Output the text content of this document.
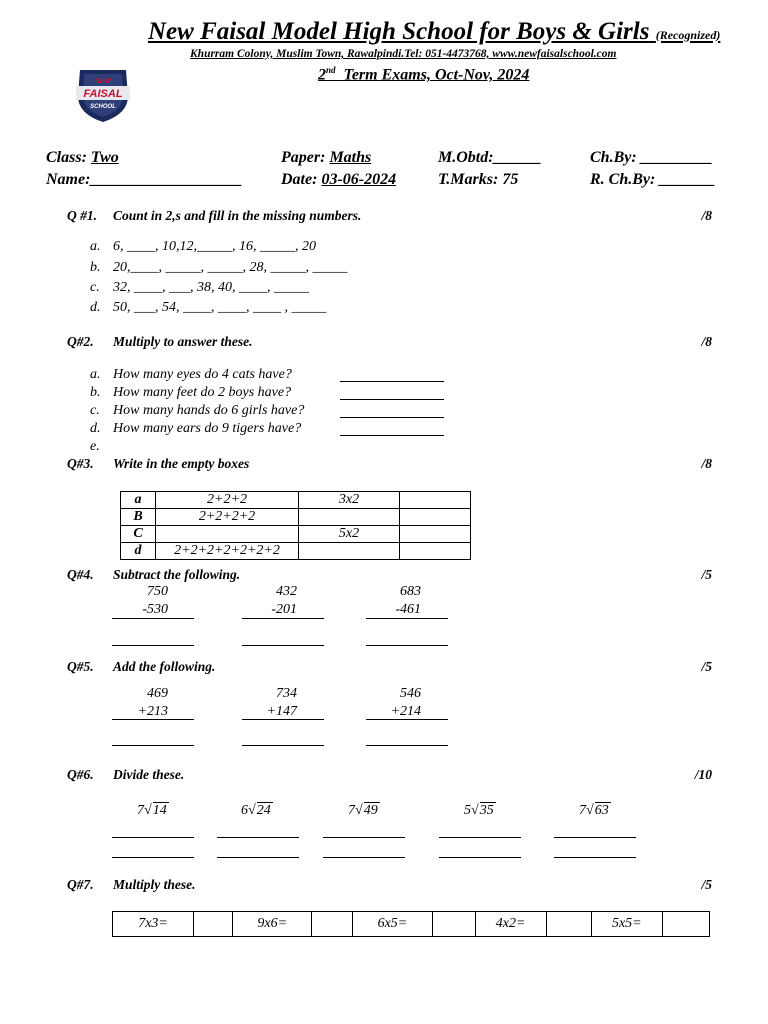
New Faisal Model High School for Boys & Girls (Recognized)
Khurram Colony, Muslim Town, Rawalpindi.Tel: 051-4473768, www.newfaisalschool.com
2nd Term Exams, Oct-Nov, 2024
NEW
FAISAL
SCHOOL
Class: Two
Name:___________________
Paper: Maths
Date: 03-06-2024
M.Obtd:______
T.Marks: 75
Ch.By: _________
R. Ch.By: _______
Q #1. Count in 2,s and fill in the missing numbers.	/8
a. 6, ____, 10,12,_____, 16, _____, 20
b. 20,____, _____, _____, 28, _____, _____
c. 32, ____, ___, 38, 40, ____, _____
d. 50, ___, 54, ____, ____, ____ , _____
Q#2. Multiply to answer these.	/8
a. How many eyes do 4 cats have?
b. How many feet do 2 boys have?
c. How many hands do 6 girls have?
d. How many ears do 9 tigers have?
e.
Q#3. Write in the empty boxes	/8
a	2+2+2	3x2	
B	2+2+2+2		
C		5x2	
d	2+2+2+2+2+2+2		
Q#4. Subtract the following.	/5
750
-530
432
-201
683
-461
Q#5. Add the following.	/5
469
+213
734
+147
546
+214
Q#6. Divide these.	/10
7√14	6√24	7√49	5√35	7√63
Q#7. Multiply these.	/5
7x3=		9x6=		6x5=		4x2=		5x5=	
